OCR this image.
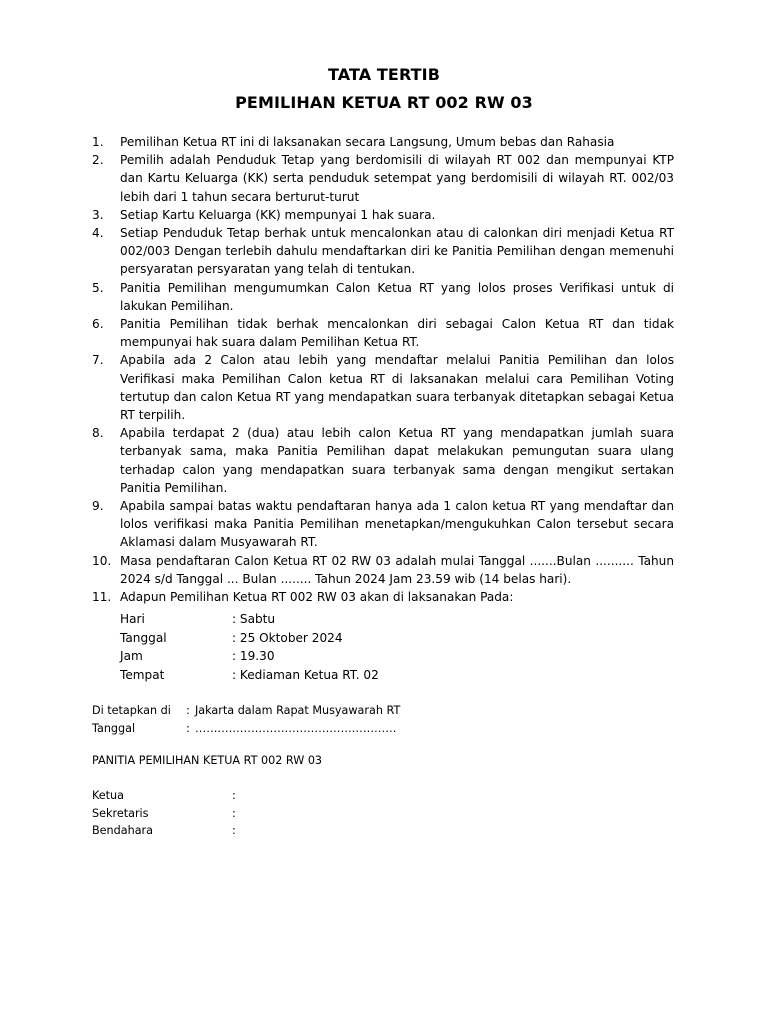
TATA TERTIB
PEMILIHAN KETUA RT 002 RW 03
1. Pemilihan Ketua RT ini di laksanakan secara Langsung, Umum bebas dan Rahasia
2. Pemilih adalah Penduduk Tetap yang berdomisili di wilayah RT 002 dan mempunyai KTP dan Kartu Keluarga (KK) serta penduduk setempat yang berdomisili di wilayah RT. 002/03 lebih dari 1 tahun secara berturut-turut
3. Setiap Kartu Keluarga (KK) mempunyai 1 hak suara.
4. Setiap Penduduk Tetap berhak untuk mencalonkan atau di calonkan diri menjadi Ketua RT 002/003 Dengan terlebih dahulu mendaftarkan diri ke Panitia Pemilihan dengan memenuhi persyaratan persyaratan yang telah di tentukan.
5. Panitia Pemilihan mengumumkan Calon Ketua RT yang lolos proses Verifikasi untuk di lakukan Pemilihan.
6. Panitia Pemilihan tidak berhak mencalonkan diri sebagai Calon Ketua RT dan tidak mempunyai hak suara dalam Pemilihan Ketua RT.
7. Apabila ada 2 Calon atau lebih yang mendaftar melalui Panitia Pemilihan dan lolos Verifikasi maka Pemilihan Calon ketua RT di laksanakan melalui cara Pemilihan Voting tertutup dan calon Ketua RT yang mendapatkan suara terbanyak ditetapkan sebagai Ketua RT terpilih.
8. Apabila terdapat 2 (dua) atau lebih calon Ketua RT yang mendapatkan jumlah suara terbanyak sama, maka Panitia Pemilihan dapat melakukan pemungutan suara ulang terhadap calon yang mendapatkan suara terbanyak sama dengan mengikut sertakan Panitia Pemilihan.
9. Apabila sampai batas waktu pendaftaran hanya ada 1 calon ketua RT yang mendaftar dan lolos verifikasi maka Panitia Pemilihan menetapkan/mengukuhkan Calon tersebut secara Aklamasi dalam Musyawarah RT.
10. Masa pendaftaran Calon Ketua RT 02 RW 03 adalah mulai Tanggal .......Bulan .......... Tahun 2024 s/d Tanggal ... Bulan ........ Tahun 2024 Jam 23.59 wib (14 belas hari).
11. Adapun Pemilihan Ketua RT 002 RW 03 akan di laksanakan Pada:
Hari	: Sabtu
Tanggal	: 25 Oktober 2024
Jam	: 19.30
Tempat	: Kediaman Ketua RT. 02
Di tetapkan di : Jakarta dalam Rapat Musyawarah RT
Tanggal	: ………………………………………………
PANITIA PEMILIHAN KETUA RT 002 RW 03
Ketua	:
Sekretaris	:
Bendahara	:
